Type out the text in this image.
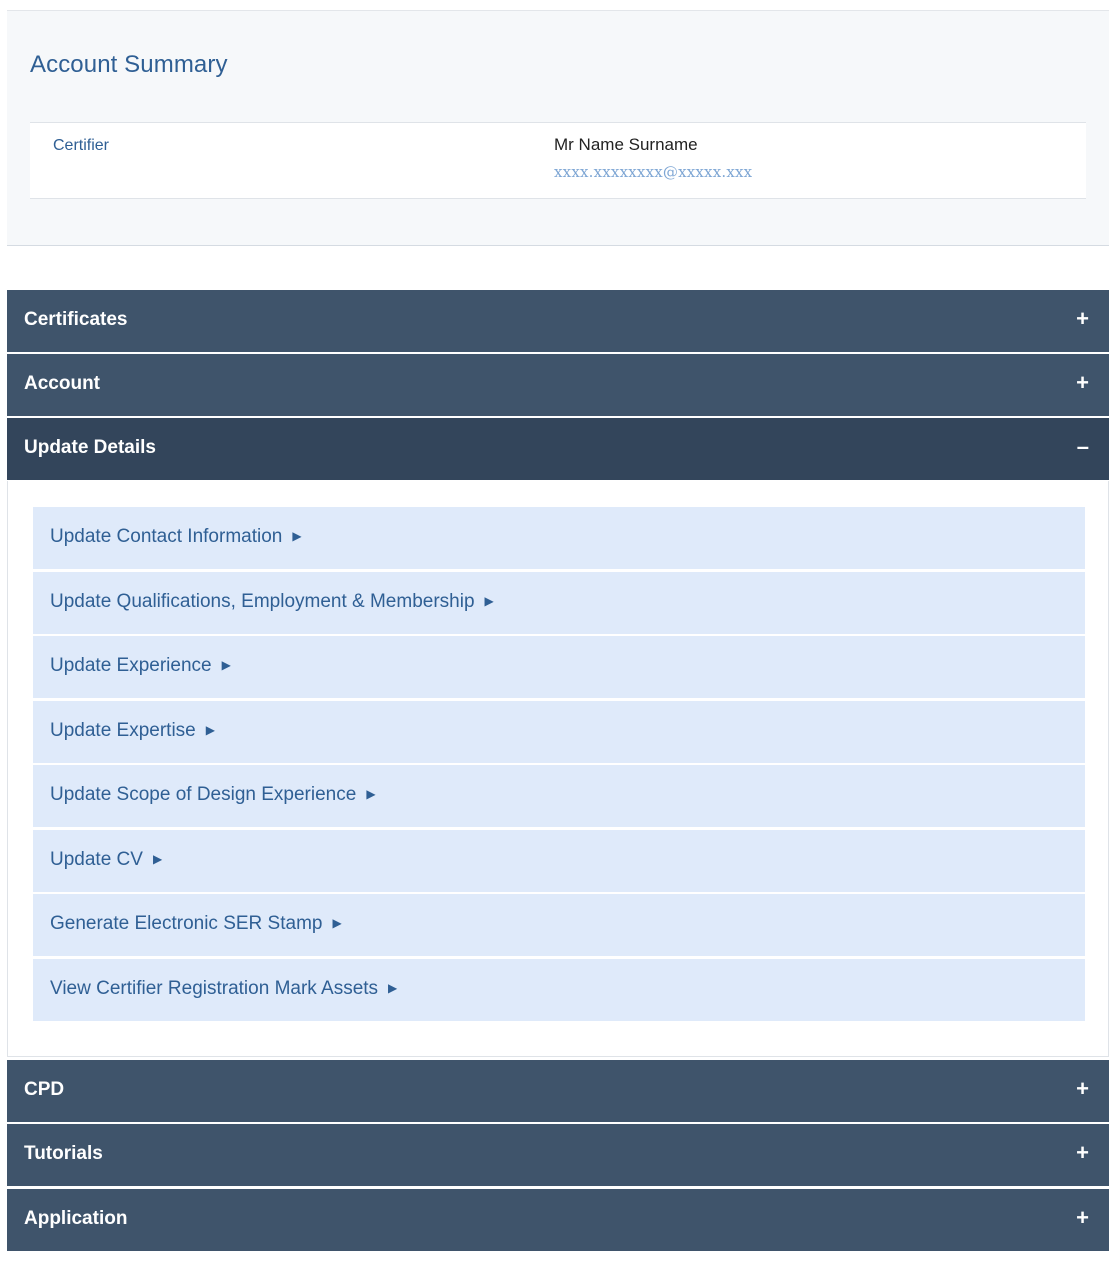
Account Summary
Certifier	Mr Name Surname
xxxx.xxxxxxxx@xxxxx.xxx
Certificates	+
Account	+
Update Details	–
Update Contact Information ▶
Update Qualifications, Employment & Membership ▶
Update Experience ▶
Update Expertise ▶
Update Scope of Design Experience ▶
Update CV ▶
Generate Electronic SER Stamp ▶
View Certifier Registration Mark Assets ▶
CPD	+
Tutorials	+
Application	+
